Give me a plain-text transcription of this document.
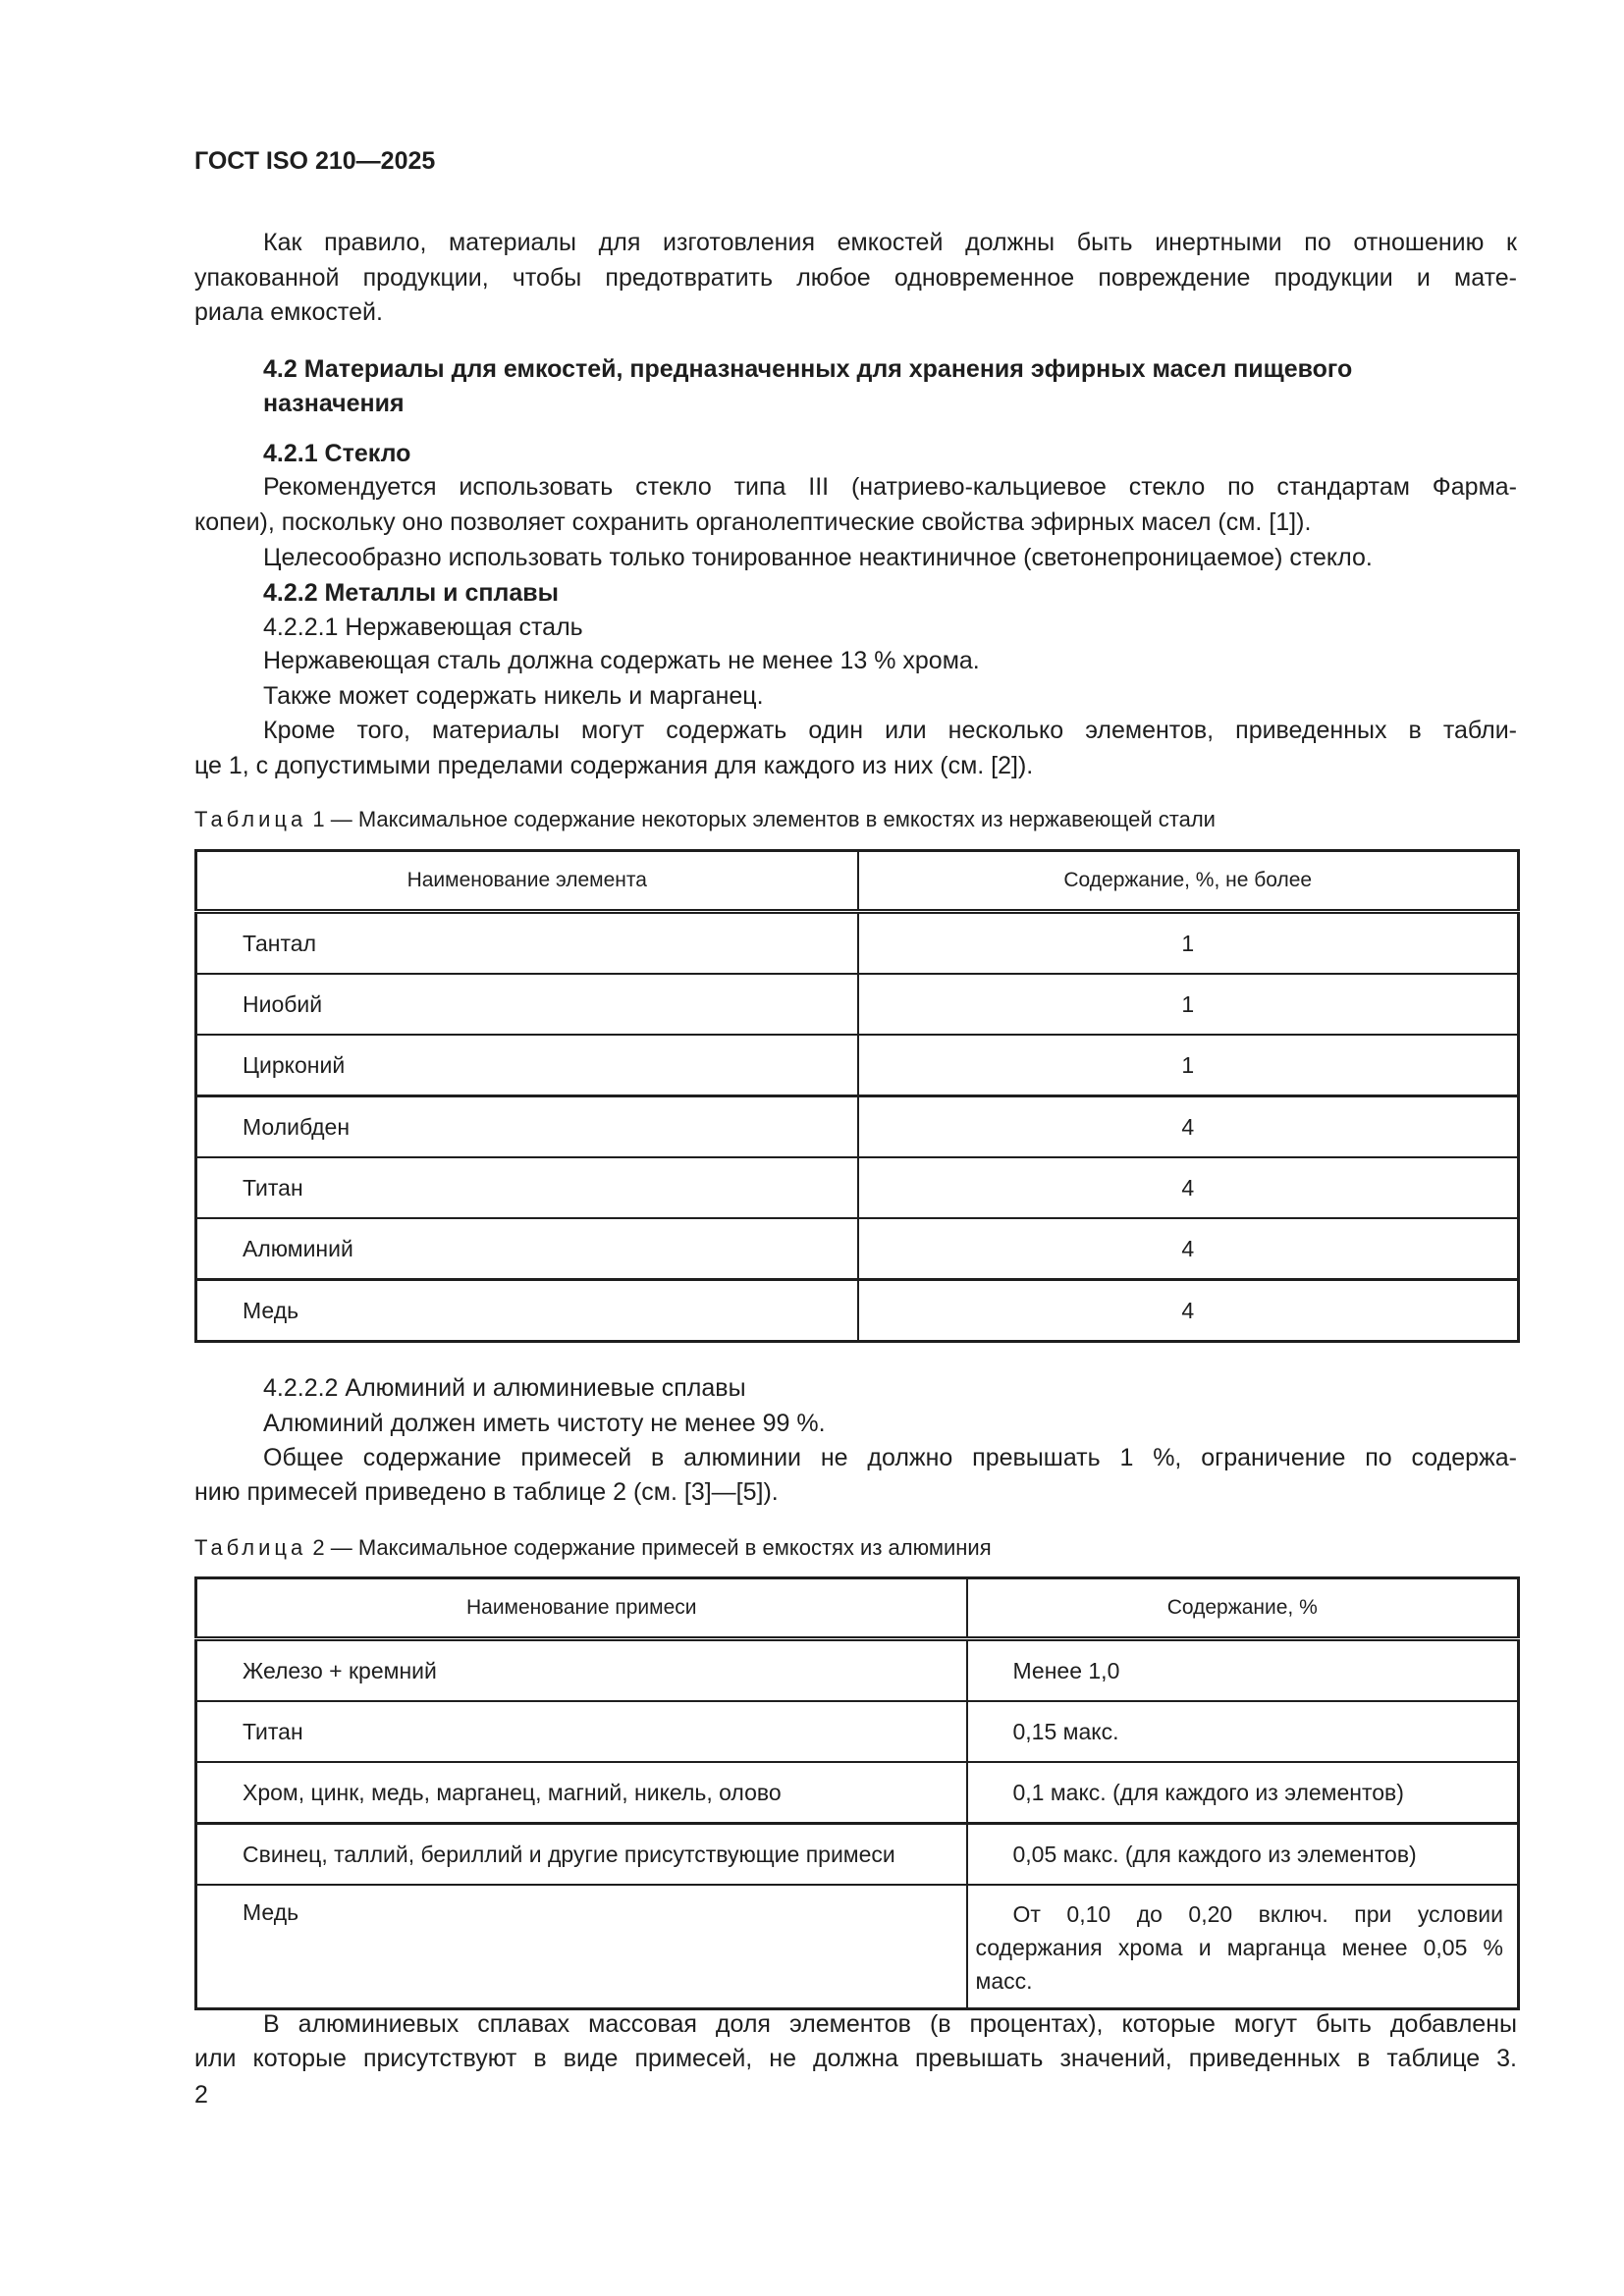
ГОСТ ISO 210—2025
Как правило, материалы для изготовления емкостей должны быть инертными по отношению к
упакованной продукции, чтобы предотвратить любое одновременное повреждение продукции и мате-
риала емкостей.
4.2 Материалы для емкостей, предназначенных для хранения эфирных масел пищевого
назначения
4.2.1 Стекло
Рекомендуется использовать стекло типа III (натриево-кальциевое стекло по стандартам Фарма-
копеи), поскольку оно позволяет сохранить органолептические свойства эфирных масел (см. [1]).
Целесообразно использовать только тонированное неактиничное (светонепроницаемое) стекло.
4.2.2 Металлы и сплавы
4.2.2.1 Нержавеющая сталь
Нержавеющая сталь должна содержать не менее 13 % хрома.
Также может содержать никель и марганец.
Кроме того, материалы могут содержать один или несколько элементов, приведенных в табли-
це 1, с допустимыми пределами содержания для каждого из них (см. [2]).
Таблица 1 — Максимальное содержание некоторых элементов в емкостях из нержавеющей стали
Наименование элемента	Содержание, %, не более
Тантал	1
Ниобий	1
Цирконий	1
Молибден	4
Титан	4
Алюминий	4
Медь	4
4.2.2.2 Алюминий и алюминиевые сплавы
Алюминий должен иметь чистоту не менее 99 %.
Общее содержание примесей в алюминии не должно превышать 1 %, ограничение по содержа-
нию примесей приведено в таблице 2 (см. [3]—[5]).
Таблица 2 — Максимальное содержание примесей в емкостях из алюминия
Наименование примеси	Содержание, %
Железо + кремний	Менее 1,0
Титан	0,15 макс.
Хром, цинк, медь, марганец, магний, никель, олово	0,1 макс. (для каждого из элементов)
Свинец, таллий, бериллий и другие присутствующие примеси	0,05 макс. (для каждого из элементов)
Медь	От 0,10 до 0,20 включ. при условии содержания хрома и марганца менее 0,05 % масс.
В алюминиевых сплавах массовая доля элементов (в процентах), которые могут быть добавлены
или которые присутствуют в виде примесей, не должна превышать значений, приведенных в таблице 3.
2
